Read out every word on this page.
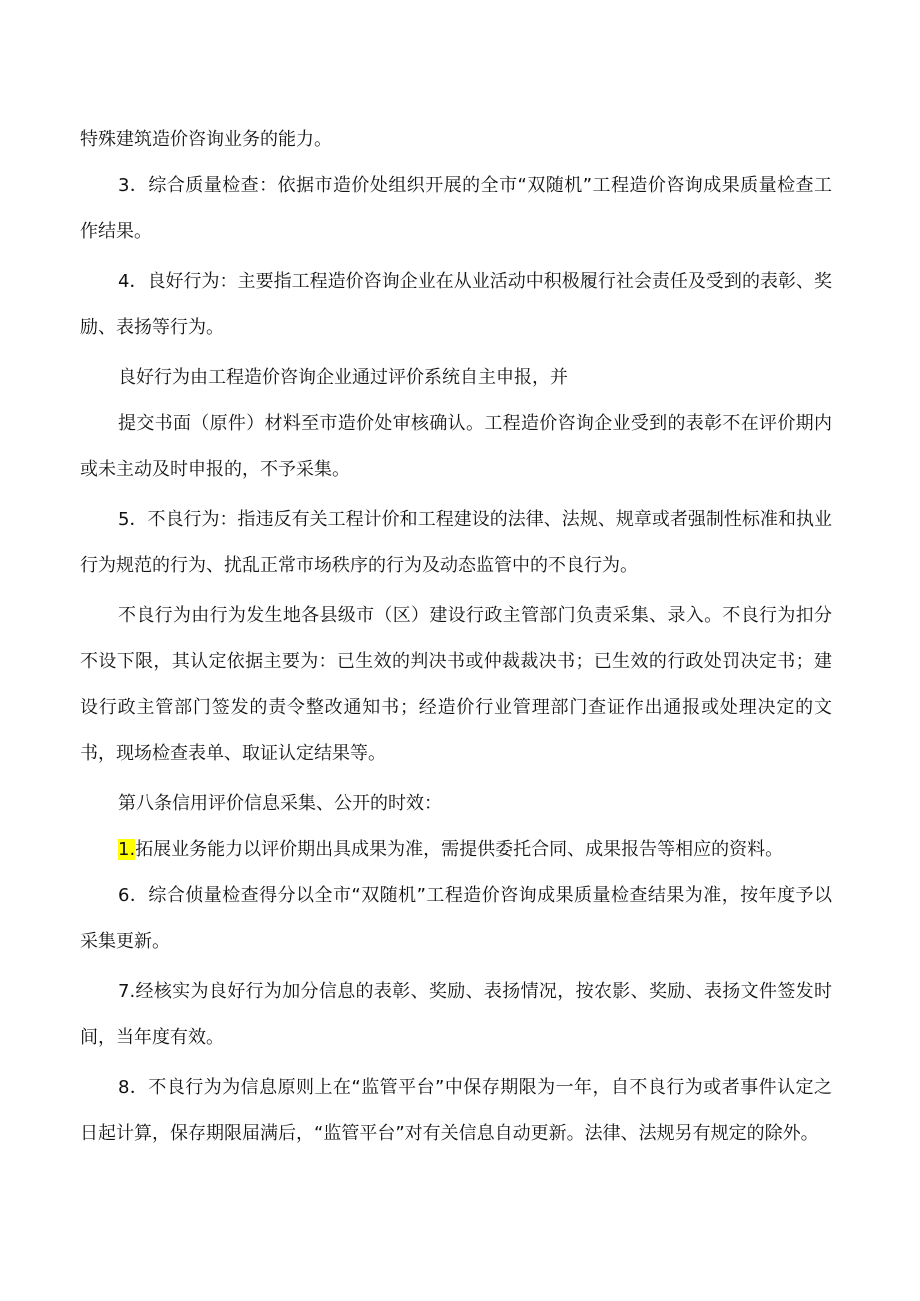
特殊建筑造价咨询业务的能力。

3．综合质量检查：依据市造价处组织开展的全市“双随机”工程造价咨询成果质量检查工作结果。

4．良好行为：主要指工程造价咨询企业在从业活动中积极履行社会责任及受到的表彰、奖励、表扬等行为。

良好行为由工程造价咨询企业通过评价系统自主申报，并

提交书面（原件）材料至市造价处审核确认。工程造价咨询企业受到的表彰不在评价期内或未主动及时申报的，不予采集。

5．不良行为：指违反有关工程计价和工程建设的法律、法规、规章或者强制性标准和执业行为规范的行为、扰乱正常市场秩序的行为及动态监管中的不良行为。

不良行为由行为发生地各县级市（区）建设行政主管部门负责采集、录入。不良行为扣分不设下限，其认定依据主要为：已生效的判决书或仲裁裁决书；已生效的行政处罚决定书；建设行政主管部门签发的责令整改通知书；经造价行业管理部门查证作出通报或处理决定的文书，现场检查表单、取证认定结果等。

第八条信用评价信息采集、公开的时效：

1.拓展业务能力以评价期出具成果为准，需提供委托合同、成果报告等相应的资料。

6．综合侦量检查得分以全市“双随机”工程造价咨询成果质量检查结果为准，按年度予以采集更新。

7.经核实为良好行为加分信息的表彰、奖励、表扬情况，按农影、奖励、表扬文件签发时间，当年度有效。

8．不良行为为信息原则上在“监管平台”中保存期限为一年，自不良行为或者事件认定之日起计算，保存期限届满后，“监管平台”对有关信息自动更新。法律、法规另有规定的除外。
